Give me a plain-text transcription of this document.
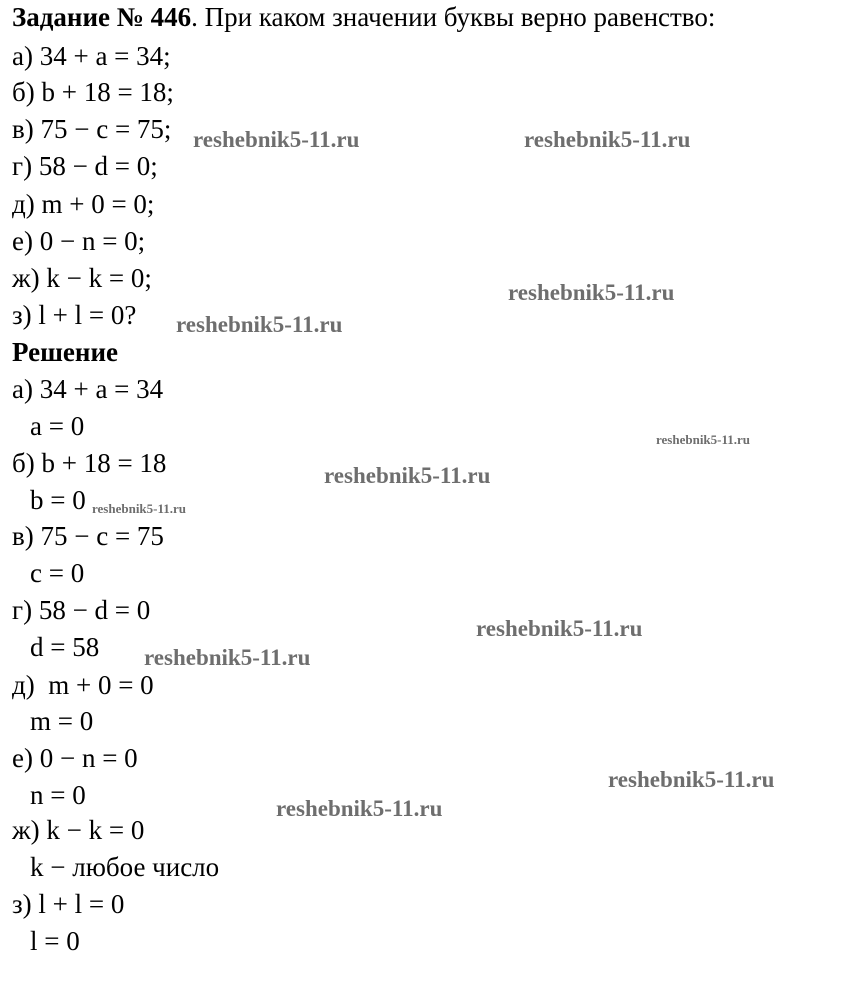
Задание № 446. При каком значении буквы верно равенство:
а) 34 + a = 34;
б) b + 18 = 18;
в) 75 − c = 75;
г) 58 − d = 0;
д) m + 0 = 0;
е) 0 − n = 0;
ж) k − k = 0;
з) l + l = 0?
Решение
а) 34 + a = 34
a = 0
б) b + 18 = 18
b = 0
в) 75 − c = 75
c = 0
г) 58 − d = 0
d = 58
д)  m + 0 = 0
m = 0
е) 0 − n = 0
n = 0
ж) k − k = 0
k − любое число
з) l + l = 0
l = 0
reshebnik5-11.ru	reshebnik5-11.ru
reshebnik5-11.ru
reshebnik5-11.ru
reshebnik5-11.ru
reshebnik5-11.ru
reshebnik5-11.ru
reshebnik5-11.ru
reshebnik5-11.ru
reshebnik5-11.ru
reshebnik5-11.ru
